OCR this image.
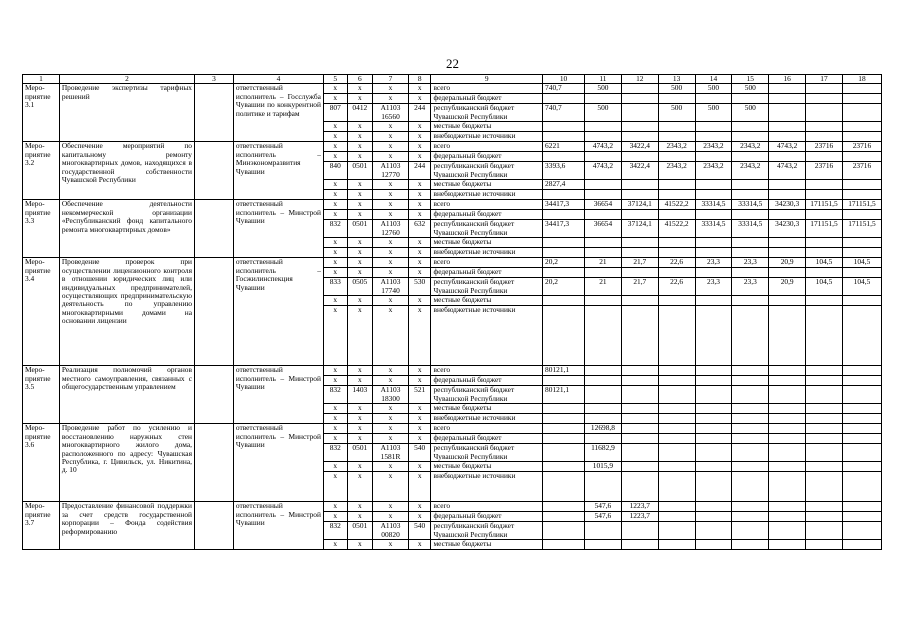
22
1	2	3	4	5	6	7	8	9	10	11	12	13	14	15	16	17	18
Меро-приятие 3.1	Проведение экспертизы тарифных решений		ответственный исполнитель – Госслужба Чувашии по конкурентной политике и тарифам	x	x	x	x	всего	740,7	500		500	500	500			
				x	x	x	x	федеральный бюджет									
				807	0412	А1103 16560	244	республиканский бюджет Чувашской Республики	740,7	500		500	500	500			
				x	x	x	x	местные бюджеты									
				x	x	x	x	внебюджетные источники									
Меро-приятие 3.2	Обеспечение мероприятий по капитальному ремонту многоквартирных домов, находящихся в государственной собственности Чувашской Республики		ответственный исполнитель – Минэкономразвития Чувашии	x	x	x	x	всего	6221	4743,2	3422,4	2343,2	2343,2	2343,2	4743,2	23716	23716
				x	x	x	x	федеральный бюджет									
				840	0501	А1103 12770	244	республиканский бюджет Чувашской Республики	3393,6	4743,2	3422,4	2343,2	2343,2	2343,2	4743,2	23716	23716
				x	x	x	x	местные бюджеты	2827,4								
				x	x	x	x	внебюджетные источники									
Меро-приятие 3.3	Обеспечение деятельности некоммерческой организации «Республиканский фонд капитального ремонта многоквартирных домов»		ответственный исполнитель – Минстрой Чувашии	x	x	x	x	всего	34417,3	36654	37124,1	41522,2	33314,5	33314,5	34230,3	171151,5	171151,5
				x	x	x	x	федеральный бюджет									
				832	0501	А1103 12760	632	республиканский бюджет Чувашской Республики	34417,3	36654	37124,1	41522,2	33314,5	33314,5	34230,3	171151,5	171151,5
				x	x	x	x	местные бюджеты									
				x	x	x	x	внебюджетные источники									
Меро-приятие 3.4	Проведение проверок при осуществлении лицензионного контроля в отношении юридических лиц или индивидуальных предпринимателей, осуществляющих предпринимательскую деятельность по управлению многоквартирными домами на основании лицензии		ответственный исполнитель – Госжилинспекция Чувашии	x	x	x	x	всего	20,2	21	21,7	22,6	23,3	23,3	20,9	104,5	104,5
				x	x	x	x	федеральный бюджет									
				833	0505	А1103 17740	530	республиканский бюджет Чувашской Республики	20,2	21	21,7	22,6	23,3	23,3	20,9	104,5	104,5
				x	x	x	x	местные бюджеты									
				x	x	x	x	внебюджетные источники									
Меро-приятие 3.5	Реализация полномочий органов местного самоуправления, связанных с общегосударственным управлением		ответственный исполнитель – Минстрой Чувашии	x	x	x	x	всего	80121,1								
				x	x	x	x	федеральный бюджет									
				832	1403	А1103 18300	521	республиканский бюджет Чувашской Республики	80121,1								
				x	x	x	x	местные бюджеты									
				x	x	x	x	внебюджетные источники									
Меро-приятие 3.6	Проведение работ по усилению и восстановлению наружных стен многоквартирного жилого дома, расположенного по адресу: Чувашская Республика, г. Цивильск, ул. Никитина, д. 10		ответственный исполнитель – Минстрой Чувашии	x	x	x	x	всего		12698,8							
				x	x	x	x	федеральный бюджет									
				832	0501	А1103 1581R	540	республиканский бюджет Чувашской Республики		11682,9							
				x	x	x	x	местные бюджеты		1015,9							
				x	x	x	x	внебюджетные источники									
Меро-приятие 3.7	Предоставление финансовой поддержки за счет средств государственной корпорации – Фонда содействия реформированию		ответственный исполнитель – Минстрой Чувашии	x	x	x	x	всего		547,6	1223,7						
				x	x	x	x	федеральный бюджет		547,6	1223,7						
				832	0501	А1103 00820	540	республиканский бюджет Чувашской Республики									
				x	x	x	x	местные бюджеты									
